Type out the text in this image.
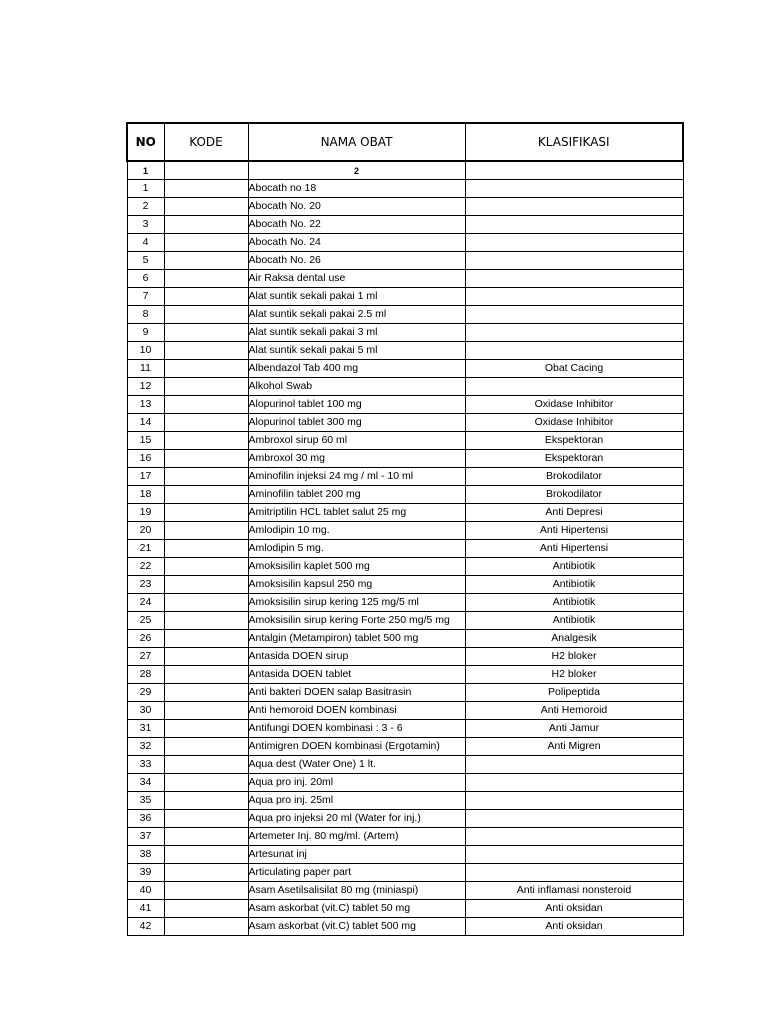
NO	KODE	NAMA OBAT	KLASIFIKASI
1		2	
1		Abocath no 18	
2		Abocath No. 20	
3		Abocath No. 22	
4		Abocath No. 24	
5		Abocath No. 26	
6		Air Raksa dental use	
7		Alat suntik sekali pakai 1 ml	
8		Alat suntik sekali pakai 2.5 ml	
9		Alat suntik sekali pakai 3 ml	
10		Alat suntik sekali pakai 5 ml	
11		Albendazol Tab 400 mg	Obat Cacing
12		Alkohol Swab	
13		Alopurinol tablet 100 mg	Oxidase Inhibitor
14		Alopurinol tablet 300 mg	Oxidase Inhibitor
15		Ambroxol sirup 60 ml	Ekspektoran
16		Ambroxol 30 mg	Ekspektoran
17		Aminofilin injeksi 24 mg / ml - 10 ml	Brokodilator
18		Aminofilin tablet 200 mg	Brokodilator
19		Amitriptilin HCL tablet salut 25 mg	Anti Depresi
20		Amlodipin 10 mg.	Anti Hipertensi
21		Amlodipin 5 mg.	Anti Hipertensi
22		Amoksisilin kaplet 500 mg	Antibiotik
23		Amoksisilin kapsul 250 mg	Antibiotik
24		Amoksisilin sirup kering 125 mg/5 ml	Antibiotik
25		Amoksisilin sirup kering Forte 250 mg/5 mg	Antibiotik
26		Antalgin (Metampiron) tablet 500 mg	Analgesik
27		Antasida DOEN sirup	H2 bloker
28		Antasida DOEN tablet	H2 bloker
29		Anti bakteri DOEN salap Basitrasin	Polipeptida
30		Anti hemoroid DOEN kombinasi	Anti Hemoroid
31		Antifungi DOEN kombinasi : 3 - 6	Anti Jamur
32		Antimigren DOEN kombinasi (Ergotamin)	Anti Migren
33		Aqua dest (Water One) 1 lt.	
34		Aqua pro inj. 20ml	
35		Aqua pro inj. 25ml	
36		Aqua pro injeksi 20 ml (Water for inj.)	
37		Artemeter Inj. 80 mg/ml. (Artem)	
38		Artesunat inj	
39		Articulating paper part	
40		Asam Asetilsalisilat 80 mg (miniaspi)	Anti inflamasi nonsteroid
41		Asam askorbat (vit.C) tablet 50 mg	Anti oksidan
42		Asam askorbat (vit.C) tablet 500 mg	Anti oksidan
